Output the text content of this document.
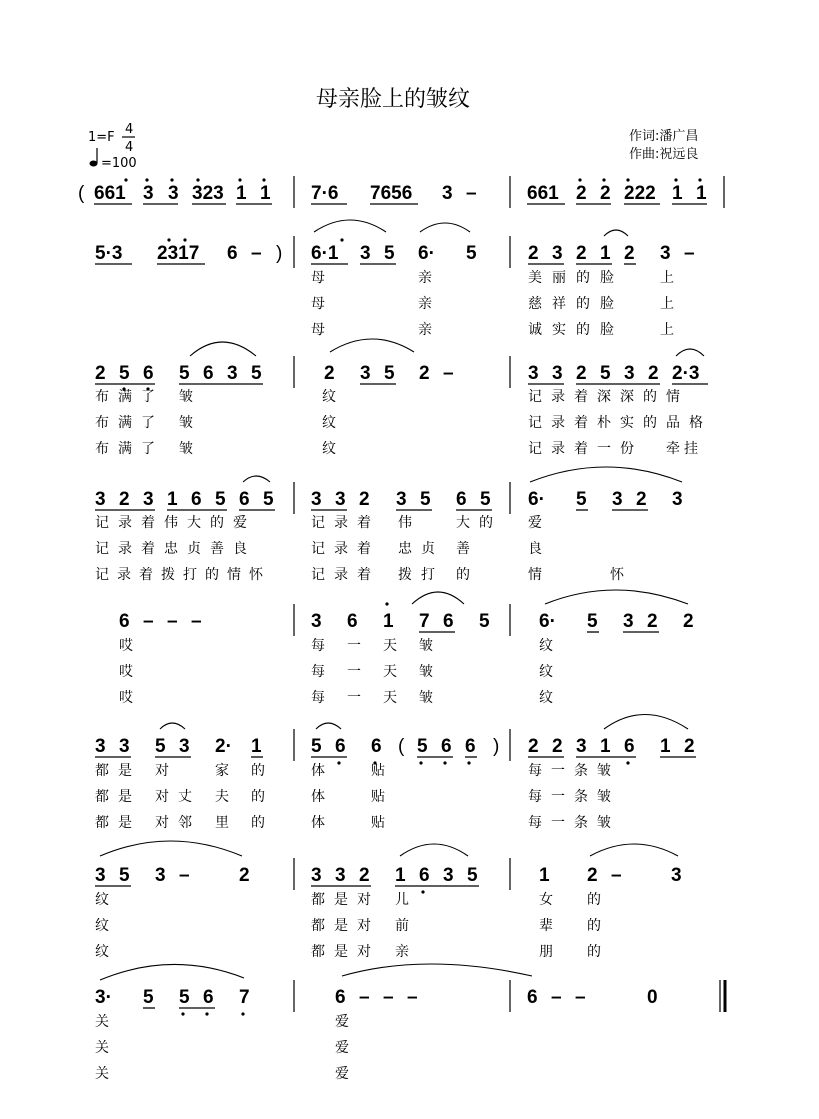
母亲脸上的皱纹
1=F
4
4
=100
作词:潘广昌
作曲:祝远良
( 661 3 3 323 1 1 7·6 7656 3 –	661 2 2 222 1 1
5·3 2317 6 – ) 6·1 3 5 6· 5	2 3 2 1 2 3 –
母	亲	美丽的脸	上
母	亲	慈祥的脸	上
母	亲	诚实的脸	上
2 5 6 5 6 3 5	2 3 5 2 –	3 3 2 5 3 2 2·3
布满了 皱	纹	记录着深深的情
布满了 皱	纹	记录着朴实的品格
布满了 皱	纹	记录着一份 牵挂
3 2 3 1 6 5 6 5 3 3 2 3 5 6 5 6· 5 3 2 3
记录着伟大的爱	记录着 伟	大的 爱
记录着忠贞善良	记录着 忠贞 善	良
记录着拨打的情怀	记录着 拨打 的	情	怀
6 – – –	3 6 1 7 6 5	6· 5 3 2 2
哎	每 一 天 皱	纹
哎	每 一 天 皱	纹
哎	每 一 天 皱	纹
3 3 5 3 2· 1	5 6 6 ( 5 6 6 ) 2 2 3 1 6 1 2
都是 对	家 的	体	贴	每一条皱
都是 对丈 夫 的	体	贴	每一条皱
都是 对邻 里 的	体	贴	每一条皱
3 5 3 –	2	3 3 2 1 6 3 5	1 2 –	3
纹	都是对 儿	女 的
纹	都是对 前	辈 的
纹	都是对 亲	朋 的
3· 5 5 6 7	6 – – –	6 – –	0
关	爱
关	爱
关	爱
